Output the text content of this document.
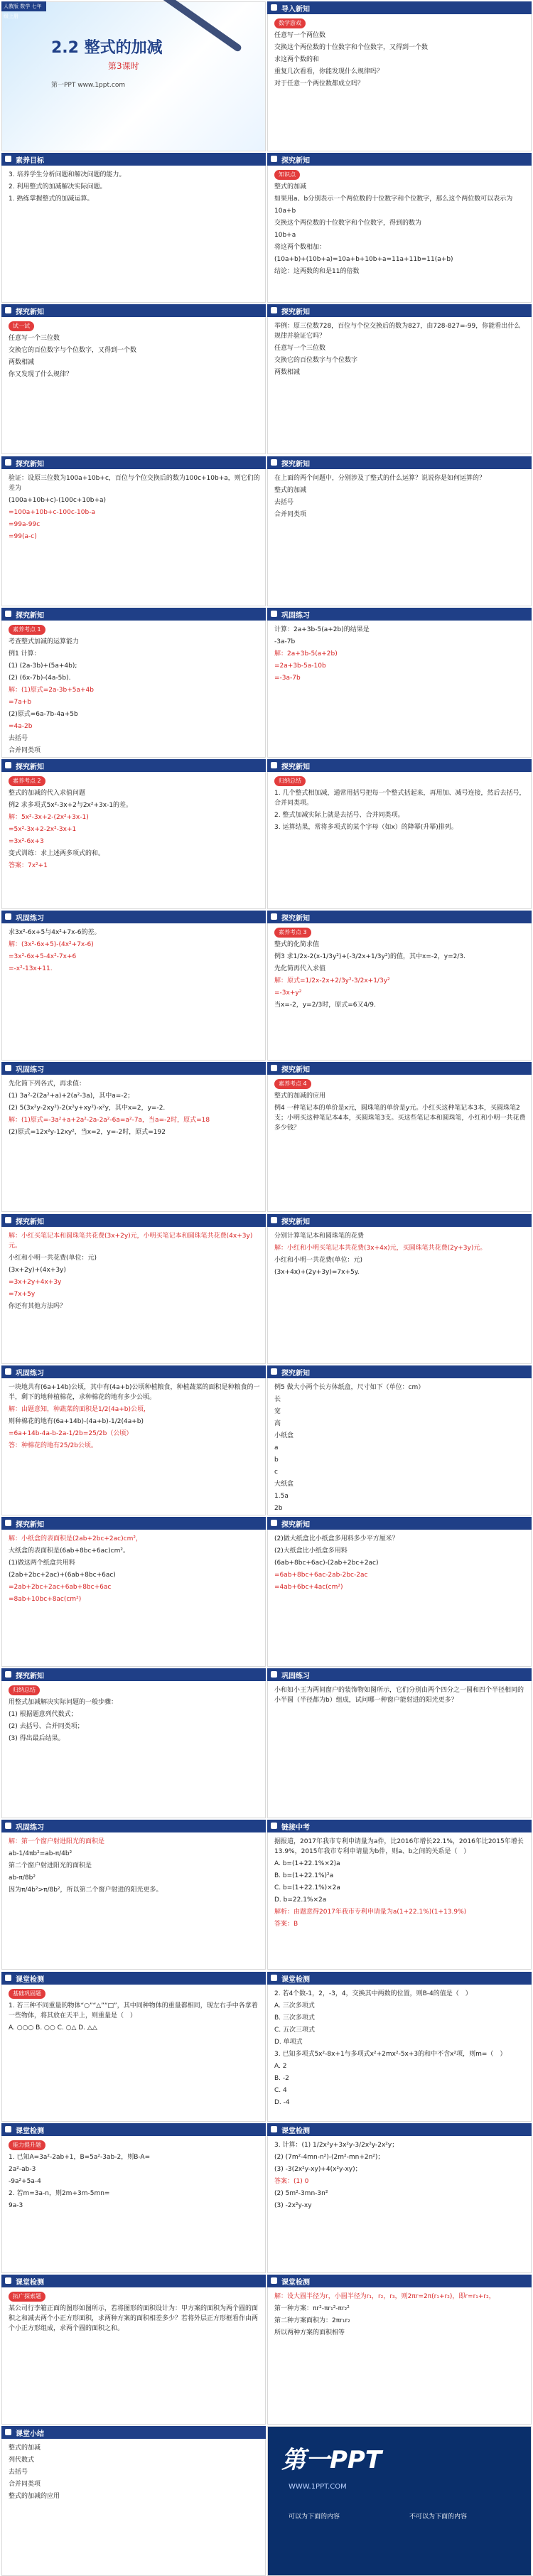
人教版 数学 七年级上册
2.2 整式的加减
第3课时
第一PPT www.1ppt.com
导入新知

数学游戏

任意写一个两位数

交换这个两位数的十位数字和个位数字，又得到一个数

求这两个数的和

重复几次看看，你能发现什么规律吗？

对于任意一个两位数都成立吗？

素养目标

3. 培养学生分析问题和解决问题的能力。

2. 利用整式的加减解决实际问题。

1. 熟练掌握整式的加减运算。

探究新知

知识点

整式的加减

如果用a、b分别表示一个两位数的十位数字和个位数字，那么这个两位数可以表示为

10a+b

交换这个两位数的十位数字和个位数字，得到的数为

10b+a

将这两个数相加：

(10a+b)+(10b+a)=10a+b+10b+a=11a+11b=11(a+b)

结论：这两数的和是11的倍数

探究新知

试一试

任意写一个三位数

交换它的百位数字与个位数字，又得到一个数

两数相减

你又发现了什么规律？

探究新知

举例：原三位数728，百位与个位交换后的数为827，由728-827=-99，你能看出什么规律并验证它吗？

任意写一个三位数

交换它的百位数字与个位数字

两数相减

探究新知

验证：设原三位数为100a+10b+c，百位与个位交换后的数为100c+10b+a，则它们的差为

(100a+10b+c)-(100c+10b+a)

=100a+10b+c-100c-10b-a

=99a-99c

=99(a-c)

探究新知

在上面的两个问题中，分别涉及了整式的什么运算？说说你是如何运算的？

整式的加减

去括号

合并同类项

探究新知

素养考点 1

考查整式加减的运算能力

例1 计算：

(1) (2a-3b)+(5a+4b);

(2) (6x-7b)-(4a-5b).

解：(1)原式=2a-3b+5a+4b

=7a+b

(2)原式=6a-7b-4a+5b

=4a-2b

去括号

合并同类项

巩固练习

计算：2a+3b-5(a+2b)的结果是

-3a-7b

解：2a+3b-5(a+2b)

=2a+3b-5a-10b

=-3a-7b

探究新知

素养考点 2

整式的加减的代入求值问题

例2 求多项式5x²-3x+2与2x²+3x-1的差。

解：5x²-3x+2-(2x²+3x-1)

=5x²-3x+2-2x²-3x+1

=3x²-6x+3

变式训练：求上述两多项式的和。

答案：7x²+1

探究新知

归纳总结

1. 几个整式相加减，通常用括号把每一个整式括起来，再用加、减号连接，然后去括号，合并同类项。

2. 整式加减实际上就是去括号、合并同类项。

3. 运算结果，常将多项式的某个字母（如x）的降幂(升幂)排列。

巩固练习

求3x²-6x+5与4x²+7x-6的差。

解：(3x²-6x+5)-(4x²+7x-6)

=3x²-6x+5-4x²-7x+6

=-x²-13x+11.

探究新知

素养考点 3

整式的化简求值

例3 求1/2x-2(x-1/3y²)+(-3/2x+1/3y²)的值，其中x=-2，y=2/3.

先化简再代入求值

解：原式=1/2x-2x+2/3y²-3/2x+1/3y²

=-3x+y²

当x=-2，y=2/3时，原式=6又4/9.

巩固练习

先化简下列各式，再求值：

(1) 3a²-2(2a²+a)+2(a²-3a)，其中a=-2；

(2) 5(3x²y-2xy²)-2(x²y+xy²)-x²y，其中x=2，y=-2.

解：(1)原式=-3a²+a+2a²-2a-2a²-6a=a²-7a，当a=-2时，原式=18

(2)原式=12x²y-12xy²，当x=2，y=-2时，原式=192

探究新知

素养考点 4

整式的加减的应用

例4 一种笔记本的单价是x元，圆珠笔的单价是y元。小红买这种笔记本3本，买圆珠笔2支；小明买这种笔记本4本，买圆珠笔3支。买这些笔记本和圆珠笔，小红和小明一共花费多少钱？

探究新知

解：小红买笔记本和圆珠笔共花费(3x+2y)元，小明买笔记本和圆珠笔共花费(4x+3y)元。

小红和小明一共花费(单位：元)

(3x+2y)+(4x+3y)

=3x+2y+4x+3y

=7x+5y

你还有其他方法吗？

探究新知

分别计算笔记本和圆珠笔的花费

解：小红和小明买笔记本共花费(3x+4x)元，买圆珠笔共花费(2y+3y)元。

小红和小明一共花费(单位：元)

(3x+4x)+(2y+3y)=7x+5y.

巩固练习

一块地共有(6a+14b)公顷，其中有(4a+b)公顷种植粮食，种植蔬菜的面积是种粮食的一半，剩下的地种植棉花，求种棉花的地有多少公顷。

解：由题意知，种蔬菜的面积是1/2(4a+b)公顷，

则种棉花的地有(6a+14b)-(4a+b)-1/2(4a+b)

=6a+14b-4a-b-2a-1/2b=25/2b（公顷）

答：种棉花的地有25/2b公顷。

探究新知

例5 做大小两个长方体纸盒，尺寸如下（单位：cm）

长

宽

高

小纸盒

a

b

c

大纸盒

1.5a

2b

探究新知

解：小纸盒的表面积是(2ab+2bc+2ac)cm²，

大纸盒的表面积是(6ab+8bc+6ac)cm²。

(1)做这两个纸盒共用料

(2ab+2bc+2ac)+(6ab+8bc+6ac)

=2ab+2bc+2ac+6ab+8bc+6ac

=8ab+10bc+8ac(cm²)

探究新知

(2)做大纸盒比小纸盒多用料多少平方厘米？

(2)大纸盒比小纸盒多用料

(6ab+8bc+6ac)-(2ab+2bc+2ac)

=6ab+8bc+6ac-2ab-2bc-2ac

=4ab+6bc+4ac(cm²)

探究新知

归纳总结

用整式加减解决实际问题的一般步骤：

(1) 根据题意列代数式；

(2) 去括号、合并同类项；

(3) 得出最后结果。

巩固练习

小和如小王为两间窗户的装饰物如图所示，它们分别由两个四分之一圆和四个半径相同的小半圆（半径都为b）组成，试问哪一种窗户能射进的阳光更多？

巩固练习

解：第一个窗户射进阳光的面积是

ab-1/4πb²=ab-π/4b²

第二个窗户射进阳光的面积是

ab-π/8b²

因为π/4b²>π/8b²，所以第二个窗户射进的阳光更多。

链接中考

据报道，2017年我市专利申请量为a件，比2016年增长22.1%，2016年比2015年增长13.9%，2015年我市专利申请量为b件，则a、b之间的关系是（　）

A. b=(1+22.1%×2)a

B. b=(1+22.1%)²a

C. b=(1+22.1%)×2a

D. b=22.1%×2a

解析：由题意得2017年我市专利申请量为a(1+22.1%)(1+13.9%)

答案：B

课堂检测

基础巩固题

1. 若三种不同重量的物体“○”“△”“□”，其中同种物体的重量都相同，现左右手中各拿着一些物体，将其放在天平上，则重量是（　）

A. ○○○ B. ○○ C. ○△ D. △△

课堂检测

2. 若4个数-1，2，-3，4，交换其中两数的位置，则B-4的值是（　）

A. 三次多项式

B. 三次多项式

C. 五次三项式

D. 单项式

3. 已知多项式5x²-8x+1与多项式x²+2mx²-5x+3的和中不含x²项，则m=（　）

A. 2

B. -2

C. 4

D. -4

课堂检测

能力提升题

1. 已知A=3a²-2ab+1，B=5a²-3ab-2，则B-A=

2a²-ab-3

-9a²+5a-4

2. 若m=3a-n，则2m+3m-5mn=

9a-3

课堂检测

3. 计算：(1) 1/2x²y+3x²y-3/2x²y-2x²y；

(2) (7m²-4mn-n²)-(2m²-mn+2n²)；

(3) -3(2x²y-xy)+4(x²y-xy)；

答案：(1) 0

(2) 5m²-3mn-3n²

(3) -2x²y-xy

课堂检测

拓广探索题

某公司行李箱正面的图形如图所示，若将图形的面积设计为：甲方案的面积为两个圆的面积之和减去两个小正方形面积，求两种方案的面积相差多少？若将外层正方形框看作由两个小正方形组成，求两个圆的面积之和。

课堂检测

解：设大圆半径为r，小圆半径为r₁，r₂，r₃，则2πr=2π(r₁+r₂)，即r=r₁+r₂，

第一种方案：πr²-πr₁²-πr₂²

第二种方案面积为：2πr₁r₂

所以两种方案的面积相等

课堂小结

整式的加减

列代数式

去括号

合并同类项

整式的加减的应用

第一PPT
WWW.1PPT.COM
可以为下面的内容	不可以为下面的内容
